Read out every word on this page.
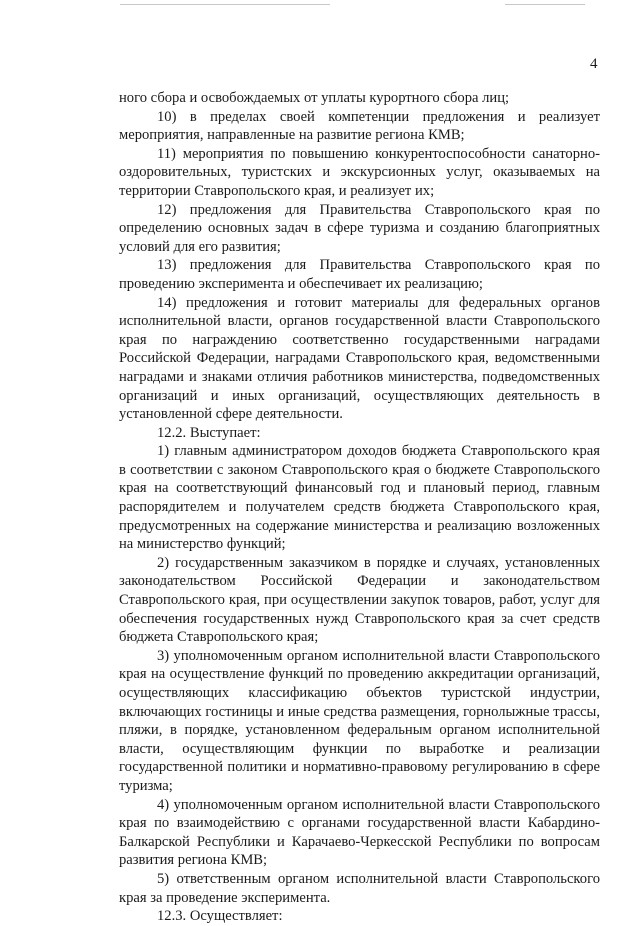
4

ного сбора и освобождаемых от уплаты курортного сбора лиц;

10) в пределах своей компетенции предложения и реализует мероприятия, направленные на развитие региона КМВ;

11) мероприятия по повышению конкурентоспособности санаторно-оздоровительных, туристских и экскурсионных услуг, оказываемых на территории Ставропольского края, и реализует их;

12) предложения для Правительства Ставропольского края по определению основных задач в сфере туризма и созданию благоприятных условий для его развития;

13) предложения для Правительства Ставропольского края по проведению эксперимента и обеспечивает их реализацию;

14) предложения и готовит материалы для федеральных органов исполнительной власти, органов государственной власти Ставропольского края по награждению соответственно государственными наградами Российской Федерации, наградами Ставропольского края, ведомственными наградами и знаками отличия работников министерства, подведомственных организаций и иных организаций, осуществляющих деятельность в установленной сфере деятельности.

12.2. Выступает:

1) главным администратором доходов бюджета Ставропольского края в соответствии с законом Ставропольского края о бюджете Ставропольского края на соответствующий финансовый год и плановый период, главным распорядителем и получателем средств бюджета Ставропольского края, предусмотренных на содержание министерства и реализацию возложенных на министерство функций;

2) государственным заказчиком в порядке и случаях, установленных законодательством Российской Федерации и законодательством Ставропольского края, при осуществлении закупок товаров, работ, услуг для обеспечения государственных нужд Ставропольского края за счет средств бюджета Ставропольского края;

3) уполномоченным органом исполнительной власти Ставропольского края на осуществление функций по проведению аккредитации организаций, осуществляющих классификацию объектов туристской индустрии, включающих гостиницы и иные средства размещения, горнолыжные трассы, пляжи, в порядке, установленном федеральным органом исполнительной власти, осуществляющим функции по выработке и реализации государственной политики и нормативно-правовому регулированию в сфере туризма;

4) уполномоченным органом исполнительной власти Ставропольского края по взаимодействию с органами государственной власти Кабардино-Балкарской Республики и Карачаево-Черкесской Республики по вопросам развития региона КМВ;

5) ответственным органом исполнительной власти Ставропольского края за проведение эксперимента.

12.3. Осуществляет:
